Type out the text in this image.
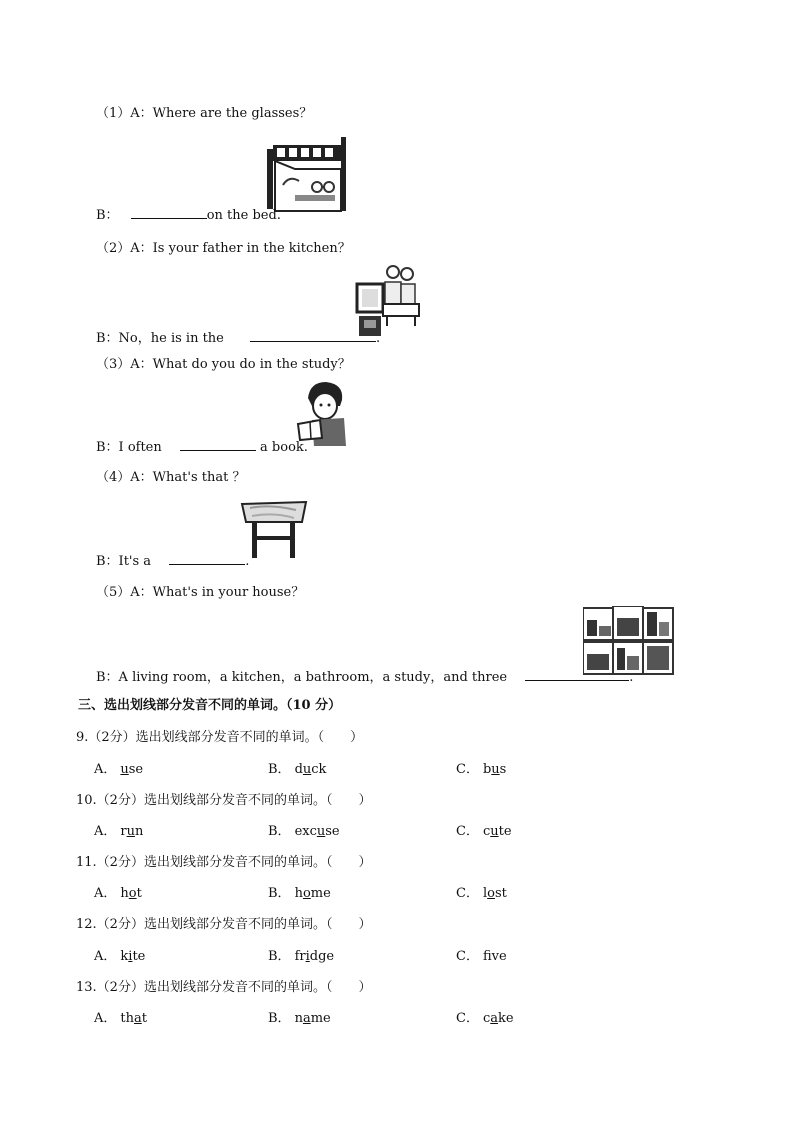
（1）A：Where are the glasses？
B：	on the bed.
（2）A：Is your father in the kitchen？
B：No，he is in the	.
（3）A：What do you do in the study？
B：I often	a book.
（4）A：What's that ？
B：It's a	.
（5）A：What's in your house？
B：A living room，a kitchen，a bathroom，a study，and three	.
三、选出划线部分发音不同的单词。（10 分）
9.（2分）选出划线部分发音不同的单词。（　　）
A． use	B． duck	C． bus
10.（2分）选出划线部分发音不同的单词。（　　）
A． run	B． excuse	C． cute
11.（2分）选出划线部分发音不同的单词。（　　）
A． hot	B． home	C． lost
12.（2分）选出划线部分发音不同的单词。（　　）
A． kite	B． fridge	C． fve
13.（2分）选出划线部分发音不同的单词。（　　）
A． that	B． name	C． cake
